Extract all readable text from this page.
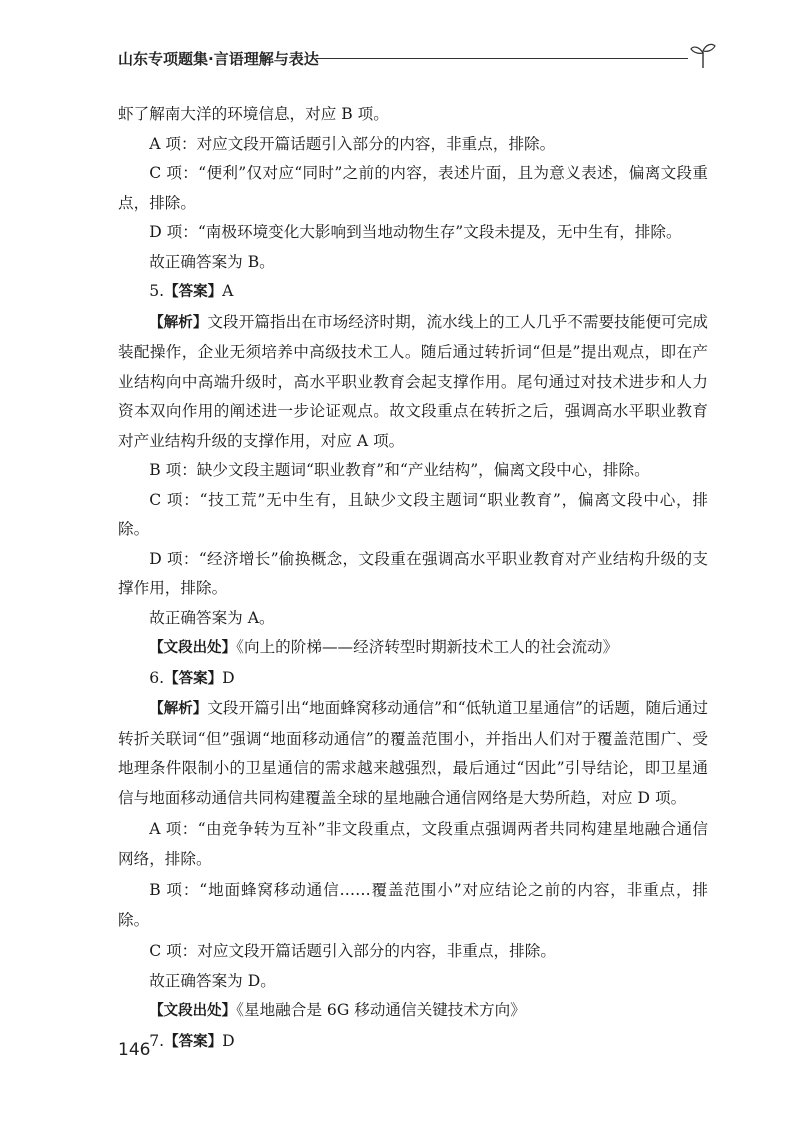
山东专项题集·言语理解与表达

虾了解南大洋的环境信息，对应 B 项。

A 项：对应文段开篇话题引入部分的内容，非重点，排除。

C 项：“便利”仅对应“同时”之前的内容，表述片面，且为意义表述，偏离文段重点，排除。

D 项：“南极环境变化大影响到当地动物生存”文段未提及，无中生有，排除。

故正确答案为 B。

5.【答案】A

【解析】文段开篇指出在市场经济时期，流水线上的工人几乎不需要技能便可完成装配操作，企业无须培养中高级技术工人。随后通过转折词“但是”提出观点，即在产业结构向中高端升级时，高水平职业教育会起支撑作用。尾句通过对技术进步和人力资本双向作用的阐述进一步论证观点。故文段重点在转折之后，强调高水平职业教育对产业结构升级的支撑作用，对应 A 项。

B 项：缺少文段主题词“职业教育”和“产业结构”，偏离文段中心，排除。

C 项：“技工荒”无中生有，且缺少文段主题词“职业教育”，偏离文段中心，排除。

D 项：“经济增长”偷换概念，文段重在强调高水平职业教育对产业结构升级的支撑作用，排除。

故正确答案为 A。

【文段出处】《向上的阶梯——经济转型时期新技术工人的社会流动》

6.【答案】D

【解析】文段开篇引出“地面蜂窝移动通信”和“低轨道卫星通信”的话题，随后通过转折关联词“但”强调“地面移动通信”的覆盖范围小，并指出人们对于覆盖范围广、受地理条件限制小的卫星通信的需求越来越强烈，最后通过“因此”引导结论，即卫星通信与地面移动通信共同构建覆盖全球的星地融合通信网络是大势所趋，对应 D 项。

A 项：“由竞争转为互补”非文段重点，文段重点强调两者共同构建星地融合通信网络，排除。

B 项：“地面蜂窝移动通信……覆盖范围小”对应结论之前的内容，非重点，排除。

C 项：对应文段开篇话题引入部分的内容，非重点，排除。

故正确答案为 D。

【文段出处】《星地融合是 6G 移动通信关键技术方向》

7.【答案】D

146
